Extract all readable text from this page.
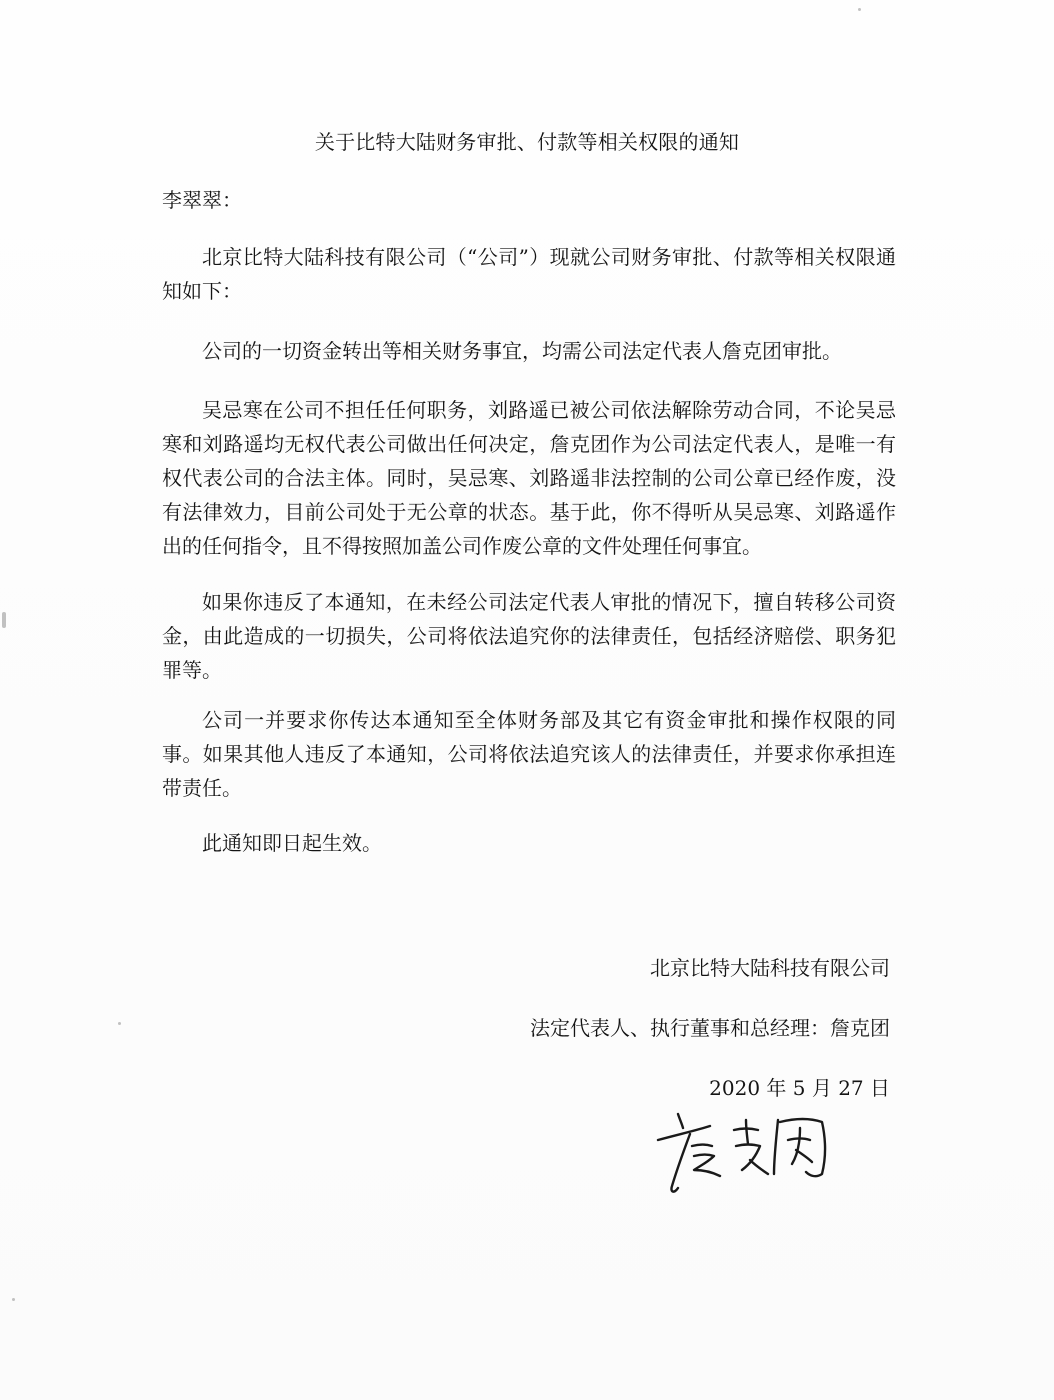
关于比特大陆财务审批、付款等相关权限的通知
李翠翠：

北京比特大陆科技有限公司（“公司”）现就公司财务审批、付款等相关权限通知如下：

公司的一切资金转出等相关财务事宜，均需公司法定代表人詹克团审批。

吴忌寒在公司不担任任何职务，刘路遥已被公司依法解除劳动合同，不论吴忌寒和刘路遥均无权代表公司做出任何决定，詹克团作为公司法定代表人，是唯一有权代表公司的合法主体。同时，吴忌寒、刘路遥非法控制的公司公章已经作废，没有法律效力，目前公司处于无公章的状态。基于此，你不得听从吴忌寒、刘路遥作出的任何指令，且不得按照加盖公司作废公章的文件处理任何事宜。

如果你违反了本通知，在未经公司法定代表人审批的情况下，擅自转移公司资金，由此造成的一切损失，公司将依法追究你的法律责任，包括经济赔偿、职务犯罪等。

公司一并要求你传达本通知至全体财务部及其它有资金审批和操作权限的同事。如果其他人违反了本通知，公司将依法追究该人的法律责任，并要求你承担连带责任。

此通知即日起生效。

北京比特大陆科技有限公司
法定代表人、执行董事和总经理：詹克团
2020 年 5 月 27 日
